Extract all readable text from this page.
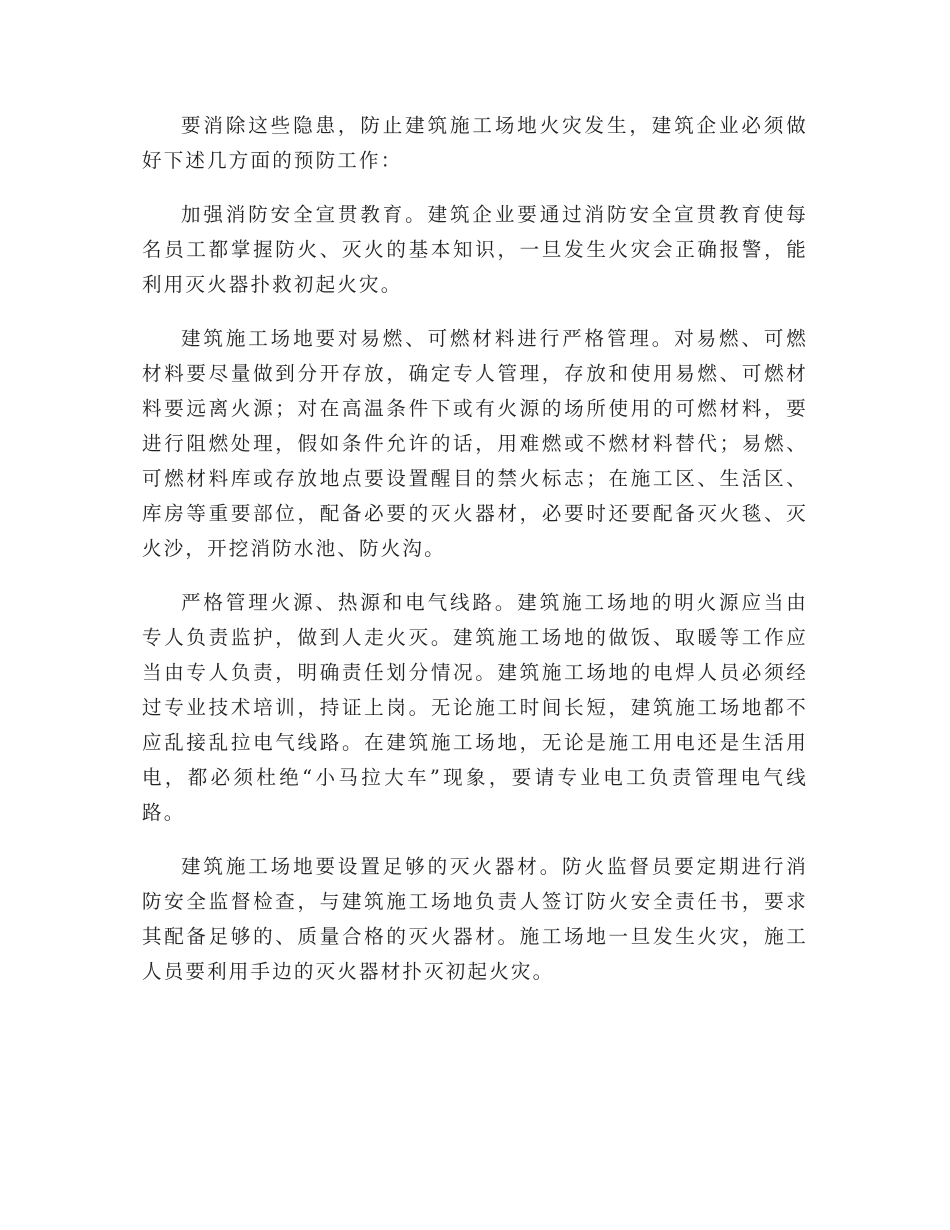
要消除这些隐患，防止建筑施工场地火灾发生，建筑企业必须做好下述几方面的预防工作：

加强消防安全宣贯教育。建筑企业要通过消防安全宣贯教育使每名员工都掌握防火、灭火的基本知识，一旦发生火灾会正确报警，能利用灭火器扑救初起火灾。

建筑施工场地要对易燃、可燃材料进行严格管理。对易燃、可燃材料要尽量做到分开存放，确定专人管理，存放和使用易燃、可燃材料要远离火源；对在高温条件下或有火源的场所使用的可燃材料，要进行阻燃处理，假如条件允许的话，用难燃或不燃材料替代；易燃、可燃材料库或存放地点要设置醒目的禁火标志；在施工区、生活区、库房等重要部位，配备必要的灭火器材，必要时还要配备灭火毯、灭火沙，开挖消防水池、防火沟。

严格管理火源、热源和电气线路。建筑施工场地的明火源应当由专人负责监护，做到人走火灭。建筑施工场地的做饭、取暖等工作应当由专人负责，明确责任划分情况。建筑施工场地的电焊人员必须经过专业技术培训，持证上岗。无论施工时间长短，建筑施工场地都不应乱接乱拉电气线路。在建筑施工场地，无论是施工用电还是生活用电，都必须杜绝“小马拉大车”现象，要请专业电工负责管理电气线路。

建筑施工场地要设置足够的灭火器材。防火监督员要定期进行消防安全监督检查，与建筑施工场地负责人签订防火安全责任书，要求其配备足够的、质量合格的灭火器材。施工场地一旦发生火灾，施工人员要利用手边的灭火器材扑灭初起火灾。
